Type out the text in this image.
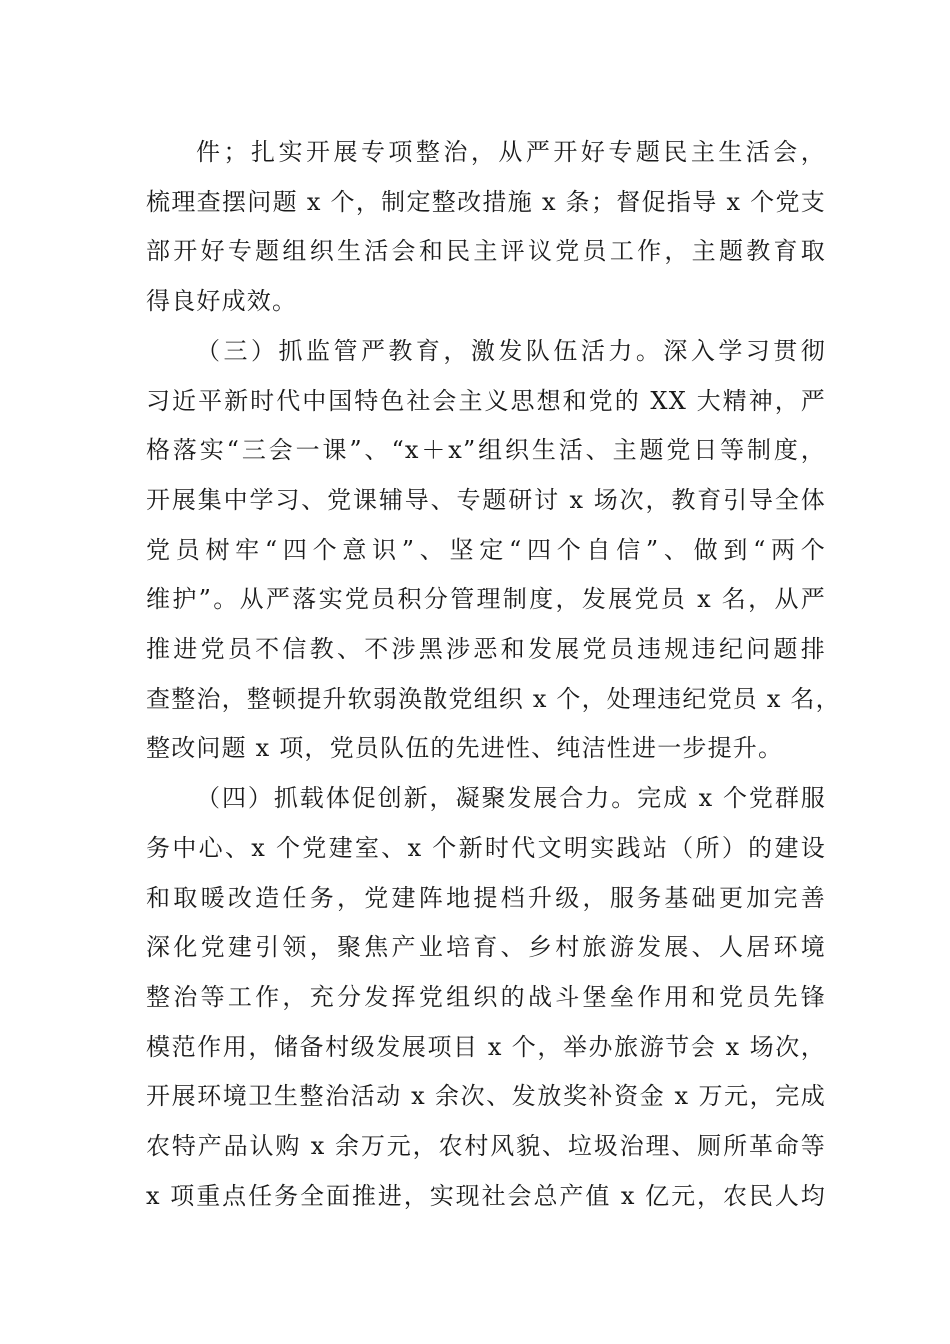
件；扎实开展专项整治，从严开好专题民主生活会，
梳理查摆问题 x 个，制定整改措施 x 条；督促指导 x 个党支
部开好专题组织生活会和民主评议党员工作，主题教育取
得良好成效。
（三）抓监管严教育，激发队伍活力。深入学习贯彻
习近平新时代中国特色社会主义思想和党的 XX 大精神，严
格落实“三会一课”、“x＋x”组织生活、主题党日等制度，
开展集中学习、党课辅导、专题研讨 x 场次，教育引导全体
党员树牢“四个意识”、坚定“四个自信”、做到“两个
维护”。从严落实党员积分管理制度，发展党员 x 名，从严
推进党员不信教、不涉黑涉恶和发展党员违规违纪问题排
查整治，整顿提升软弱涣散党组织 x 个，处理违纪党员 x 名，
整改问题 x 项，党员队伍的先进性、纯洁性进一步提升。
（四）抓载体促创新，凝聚发展合力。完成 x 个党群服
务中心、x 个党建室、x 个新时代文明实践站（所）的建设
和取暖改造任务，党建阵地提档升级，服务基础更加完善
深化党建引领，聚焦产业培育、乡村旅游发展、人居环境
整治等工作，充分发挥党组织的战斗堡垒作用和党员先锋
模范作用，储备村级发展项目 x 个，举办旅游节会 x 场次，
开展环境卫生整治活动 x 余次、发放奖补资金 x 万元，完成
农特产品认购 x 余万元，农村风貌、垃圾治理、厕所革命等
x 项重点任务全面推进，实现社会总产值 x 亿元，农民人均
